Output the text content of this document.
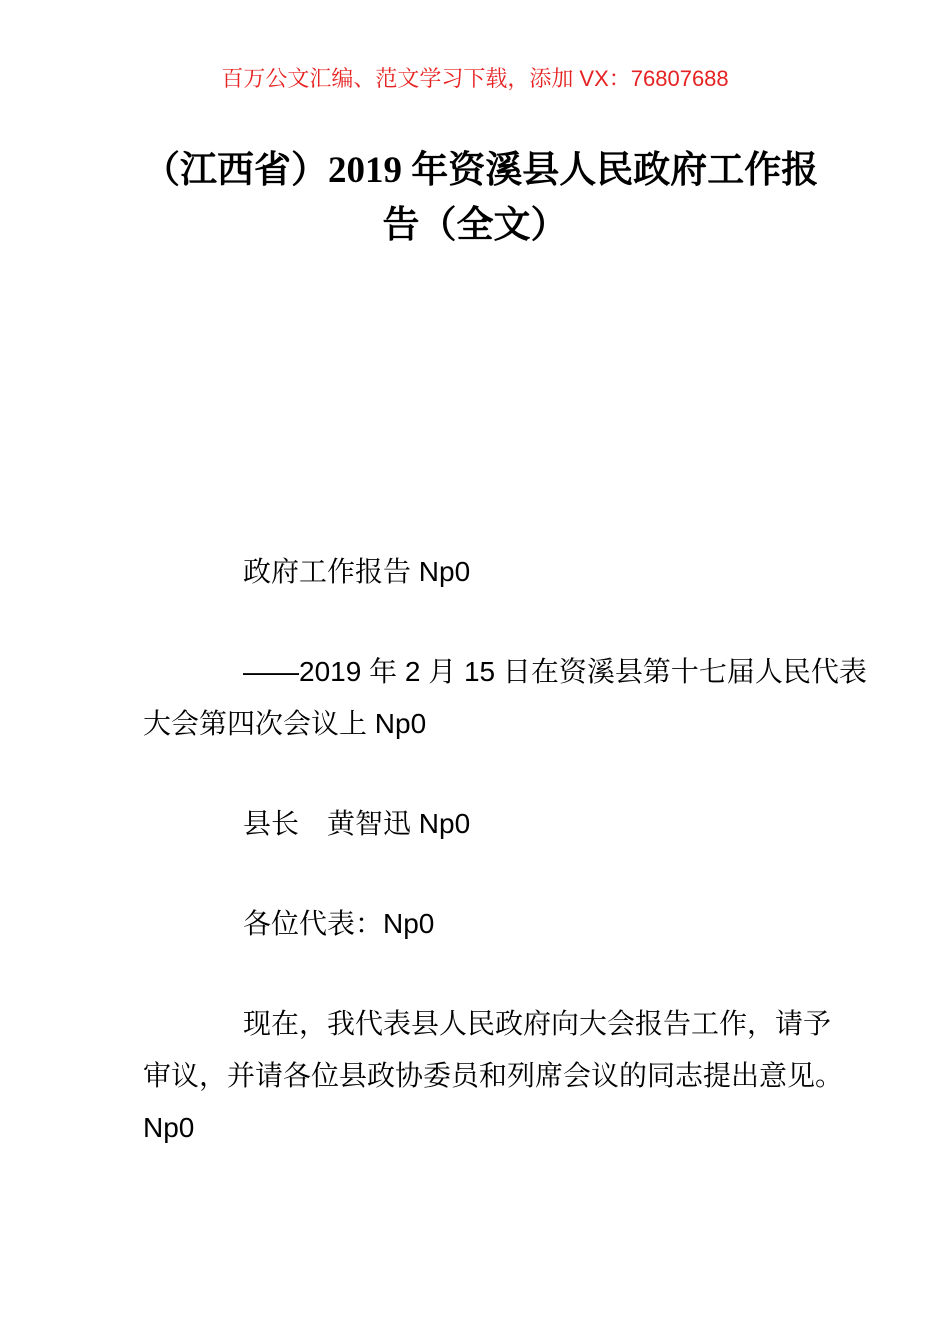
百万公文汇编、范文学习下载，添加 VX：76807688
（江西省）2019 年资溪县人民政府工作报
告（全文）

政府工作报告 Np0

——2019 年 2 月 15 日在资溪县第十七届人民代表
大会第四次会议上 Np0

县长　黄智迅 Np0

各位代表：Np0

现在，我代表县人民政府向大会报告工作，请予
审议，并请各位县政协委员和列席会议的同志提出意见。
Np0
